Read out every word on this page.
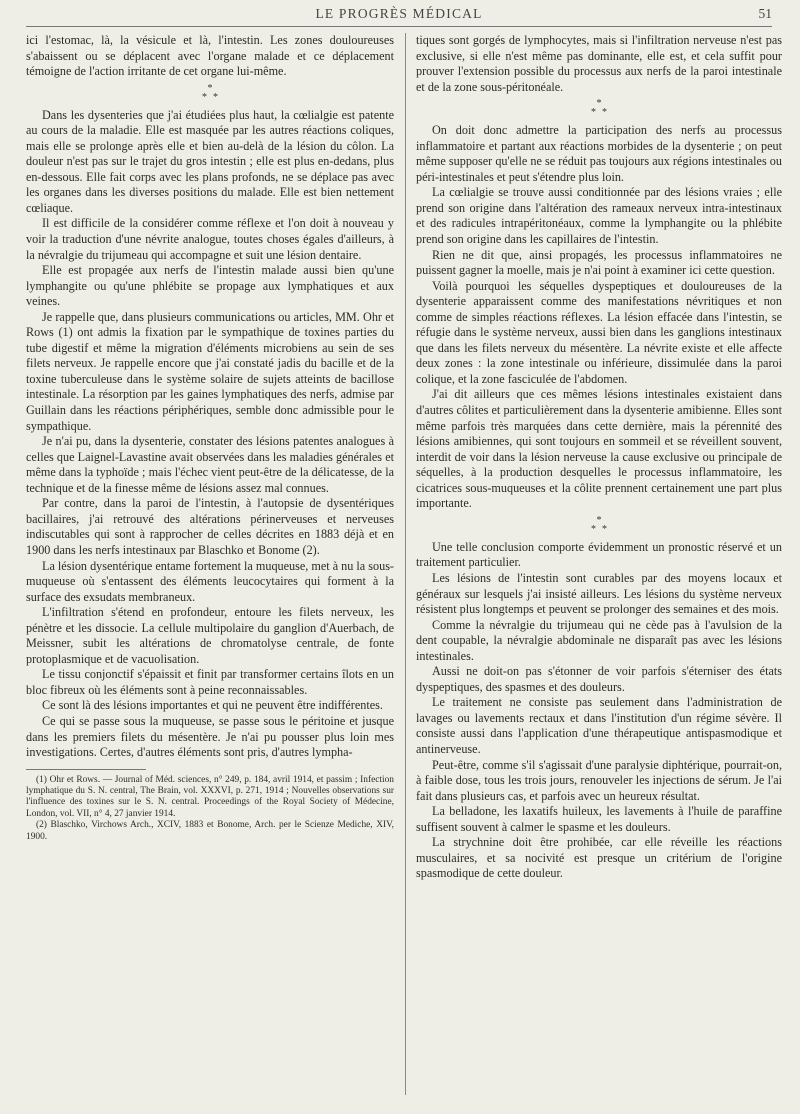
LE PROGRÈS MÉDICAL	51

ici l'estomac, là, la vésicule et là, l'intestin. Les zones douloureuses s'abaissent ou se déplacent avec l'organe malade et ce déplacement témoigne de l'action irritante de cet organe lui-même.

*
**

Dans les dysenteries que j'ai étudiées plus haut, la cœlialgie est patente au cours de la maladie. Elle est masquée par les autres réactions coliques, mais elle se prolonge après elle et bien au-delà de la lésion du côlon. La douleur n'est pas sur le trajet du gros intestin ; elle est plus en-dedans, plus en-dessous. Elle fait corps avec les plans profonds, ne se déplace pas avec les organes dans les diverses positions du malade. Elle est bien nettement cœliaque.

Il est difficile de la considérer comme réflexe et l'on doit à nouveau y voir la traduction d'une névrite analogue, toutes choses égales d'ailleurs, à la névralgie du trijumeau qui accompagne et suit une lésion dentaire.

Elle est propagée aux nerfs de l'intestin malade aussi bien qu'une lymphangite ou qu'une phlébite se propage aux lymphatiques et aux veines.

Je rappelle que, dans plusieurs communications ou articles, MM. Ohr et Rows (1) ont admis la fixation par le sympathique de toxines parties du tube digestif et même la migration d'éléments microbiens au sein de ses filets nerveux. Je rappelle encore que j'ai constaté jadis du bacille et de la toxine tuberculeuse dans le système solaire de sujets atteints de bacillose intestinale. La résorption par les gaines lymphatiques des nerfs, admise par Guillain dans les réactions périphériques, semble donc admissible pour le sympathique.

Je n'ai pu, dans la dysenterie, constater des lésions patentes analogues à celles que Laignel-Lavastine avait observées dans les maladies générales et même dans la typhoïde ; mais l'échec vient peut-être de la délicatesse, de la technique et de la finesse même de lésions assez mal connues.

Par contre, dans la paroi de l'intestin, à l'autopsie de dysentériques bacillaires, j'ai retrouvé des altérations périnerveuses et nerveuses indiscutables qui sont à rapprocher de celles décrites en 1883 déjà et en 1900 dans les nerfs intestinaux par Blaschko et Bonome (2).

La lésion dysentérique entame fortement la muqueuse, met à nu la sous-muqueuse où s'entassent des éléments leucocytaires qui forment à la surface des exsudats membraneux.

L'infiltration s'étend en profondeur, entoure les filets nerveux, les pénètre et les dissocie. La cellule multipolaire du ganglion d'Auerbach, de Meissner, subit les altérations de chromatolyse centrale, de fonte protoplasmique et de vacuolisation.

Le tissu conjonctif s'épaissit et finit par transformer certains îlots en un bloc fibreux où les éléments sont à peine reconnaissables.

Ce sont là des lésions importantes et qui ne peuvent être indifférentes.

Ce qui se passe sous la muqueuse, se passe sous le péritoine et jusque dans les premiers filets du mésentère. Je n'ai pu pousser plus loin mes investigations. Certes, d'autres éléments sont pris, d'autres lympha-

(1) Ohr et Rows. — Journal of Méd. sciences, n° 249, p. 184, avril 1914, et passim ; Infection lymphatique du S. N. central, The Brain, vol. XXXVI, p. 271, 1914 ; Nouvelles observations sur l'influence des toxines sur le S. N. central. Proceedings of the Royal Society of Médecine, London, vol. VII, n° 4, 27 janvier 1914.

(2) Blaschko, Virchows Arch., XCIV, 1883 et Bonome, Arch. per le Scienze Mediche, XIV, 1900.

tiques sont gorgés de lymphocytes, mais si l'infiltration nerveuse n'est pas exclusive, si elle n'est même pas dominante, elle est, et cela suffit pour prouver l'extension possible du processus aux nerfs de la paroi intestinale et de la zone sous-péritonéale.

*
**

On doit donc admettre la participation des nerfs au processus inflammatoire et partant aux réactions morbides de la dysenterie ; on peut même supposer qu'elle ne se réduit pas toujours aux régions intestinales ou péri-intestinales et peut s'étendre plus loin.

La cœlialgie se trouve aussi conditionnée par des lésions vraies ; elle prend son origine dans l'altération des rameaux nerveux intra-intestinaux et des radicules intrapéritonéaux, comme la lymphangite ou la phlébite prend son origine dans les capillaires de l'intestin.

Rien ne dit que, ainsi propagés, les processus inflammatoires ne puissent gagner la moelle, mais je n'ai point à examiner ici cette question.

Voilà pourquoi les séquelles dyspeptiques et douloureuses de la dysenterie apparaissent comme des manifestations névritiques et non comme de simples réactions réflexes. La lésion effacée dans l'intestin, se réfugie dans le système nerveux, aussi bien dans les ganglions intestinaux que dans les filets nerveux du mésentère. La névrite existe et elle affecte deux zones : la zone intestinale ou inférieure, dissimulée dans la paroi colique, et la zone fasciculée de l'abdomen.

J'ai dit ailleurs que ces mêmes lésions intestinales existaient dans d'autres côlites et particulièrement dans la dysenterie amibienne. Elles sont même parfois très marquées dans cette dernière, mais la pérennité des lésions amibiennes, qui sont toujours en sommeil et se réveillent souvent, interdit de voir dans la lésion nerveuse la cause exclusive ou principale de séquelles, à la production desquelles le processus inflammatoire, les cicatrices sous-muqueuses et la côlite prennent certainement une part plus importante.

*
**

Une telle conclusion comporte évidemment un pronostic réservé et un traitement particulier.

Les lésions de l'intestin sont curables par des moyens locaux et généraux sur lesquels j'ai insisté ailleurs. Les lésions du système nerveux résistent plus longtemps et peuvent se prolonger des semaines et des mois.

Comme la névralgie du trijumeau qui ne cède pas à l'avulsion de la dent coupable, la névralgie abdominale ne disparaît pas avec les lésions intestinales.

Aussi ne doit-on pas s'étonner de voir parfois s'éterniser des états dyspeptiques, des spasmes et des douleurs.

Le traitement ne consiste pas seulement dans l'administration de lavages ou lavements rectaux et dans l'institution d'un régime sévère. Il consiste aussi dans l'application d'une thérapeutique antispasmodique et antinerveuse.

Peut-être, comme s'il s'agissait d'une paralysie diphtérique, pourrait-on, à faible dose, tous les trois jours, renouveler les injections de sérum. Je l'ai fait dans plusieurs cas, et parfois avec un heureux résultat.

La belladone, les laxatifs huileux, les lavements à l'huile de paraffine suffisent souvent à calmer le spasme et les douleurs.

La strychnine doit être prohibée, car elle réveille les réactions musculaires, et sa nocivité est presque un critérium de l'origine spasmodique de cette douleur.
